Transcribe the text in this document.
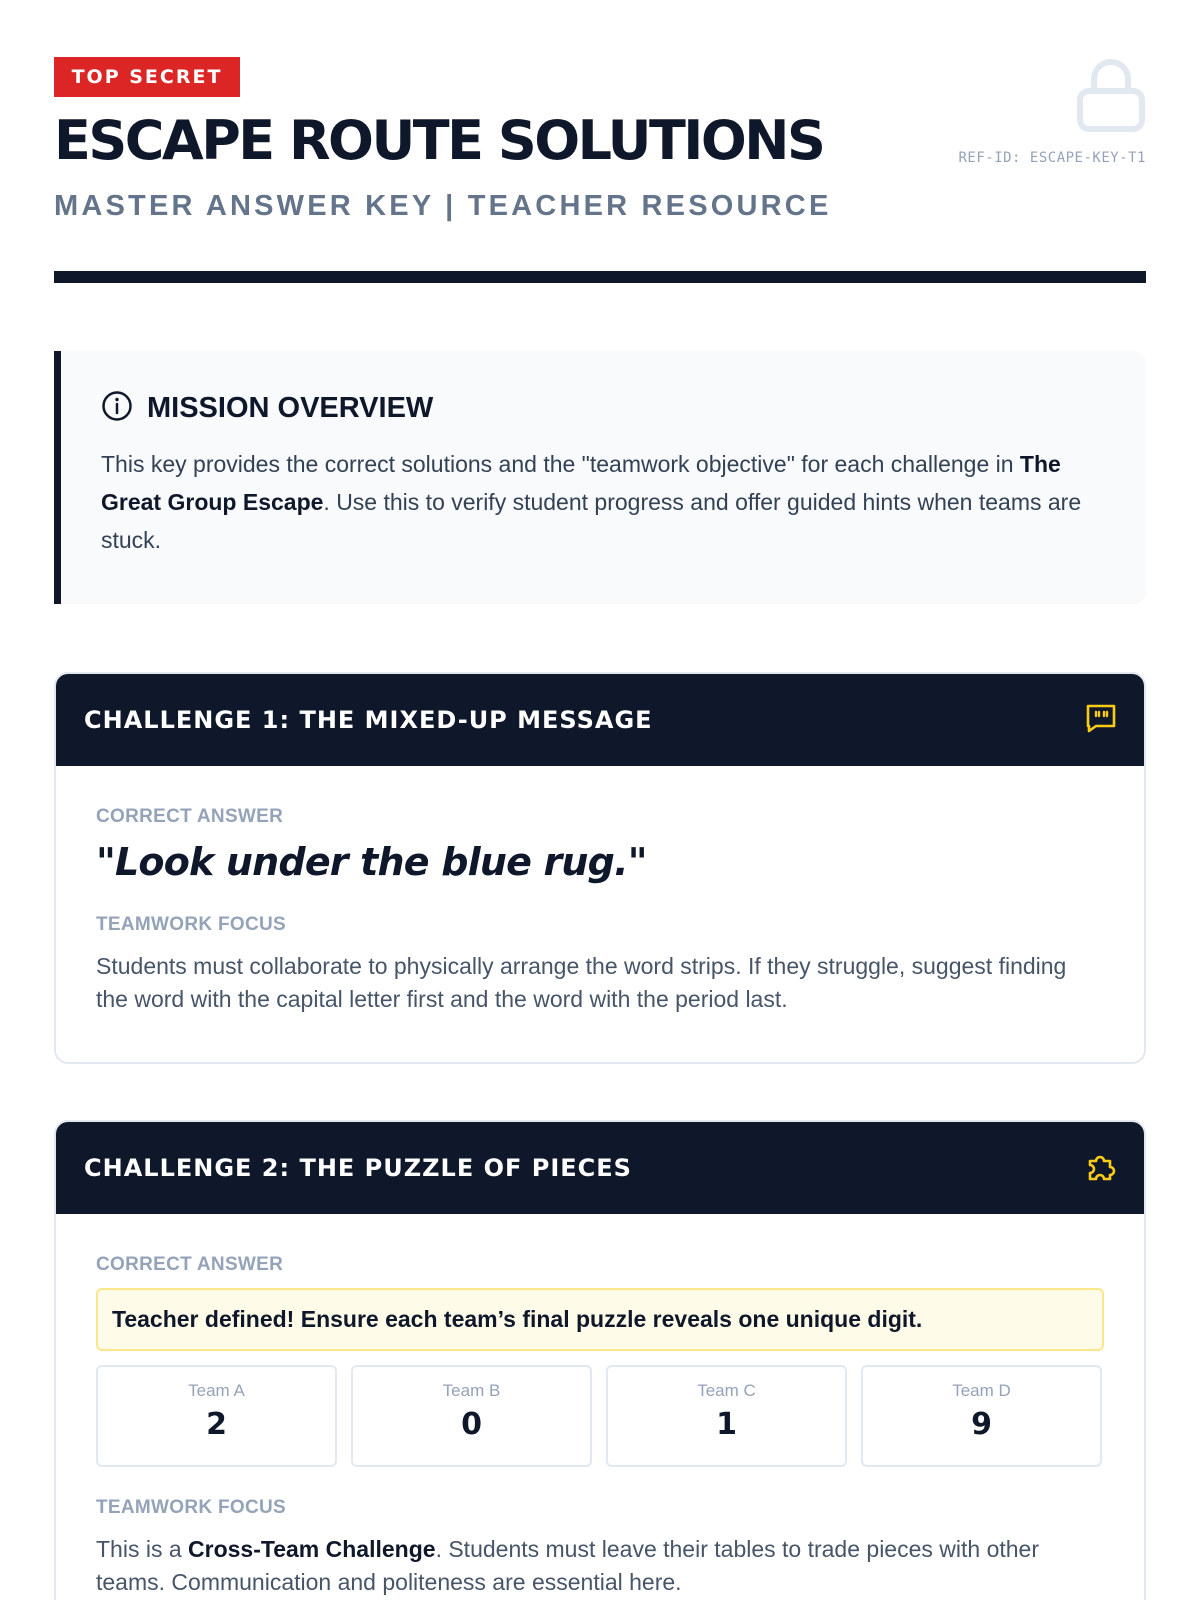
TOP SECRET
ESCAPE ROUTE SOLUTIONS
MASTER ANSWER KEY | TEACHER RESOURCE
REF-ID: ESCAPE-KEY-T1
MISSION OVERVIEW

This key provides the correct solutions and the "teamwork objective" for each challenge in The Great Group Escape. Use this to verify student progress and offer guided hints when teams are stuck.

CHALLENGE 1: THE MIXED-UP MESSAGE
CORRECT ANSWER
"Look under the blue rug."
TEAMWORK FOCUS
Students must collaborate to physically arrange the word strips. If they struggle, suggest finding the word with the capital letter first and the word with the period last.
CHALLENGE 2: THE PUZZLE OF PIECES
CORRECT ANSWER
Teacher defined! Ensure each team’s final puzzle reveals one unique digit.
Team A
2
Team B
0
Team C
1
Team D
9
TEAMWORK FOCUS
This is a Cross-Team Challenge. Students must leave their tables to trade pieces with other teams. Communication and politeness are essential here.
